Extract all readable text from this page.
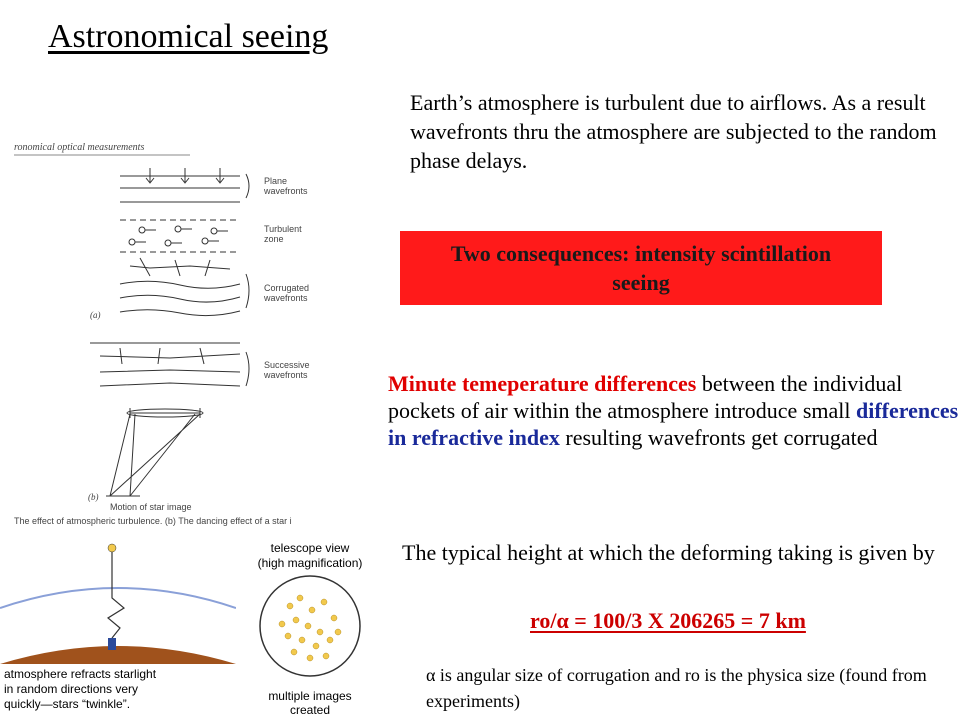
Astronomical seeing
Earth’s atmosphere is turbulent due to airflows. As a result wavefronts thru the atmosphere are subjected to the random phase delays.
Two consequences: intensity scintillation
seeing
Minute temeperature differences between the individual pockets of air within the atmosphere introduce small differences in refractive index resulting wavefronts get corrugated
The typical height at which the deforming taking is given by
ro/α = 100/3 X 206265 = 7 km
α is angular size of corrugation and ro is the physica size (found from experiments)
ronomical optical measurements
Plane
wavefronts
Turbulent
zone
Corrugated
wavefronts
(a)
Successive
wavefronts
(b)
Motion of star image
The effect of atmospheric turbulence. (b) The dancing effect of a star i
atmosphere refracts starlight
in random directions very
quickly—stars “twinkle”.
telescope view
(high magnification)
multiple images
created
